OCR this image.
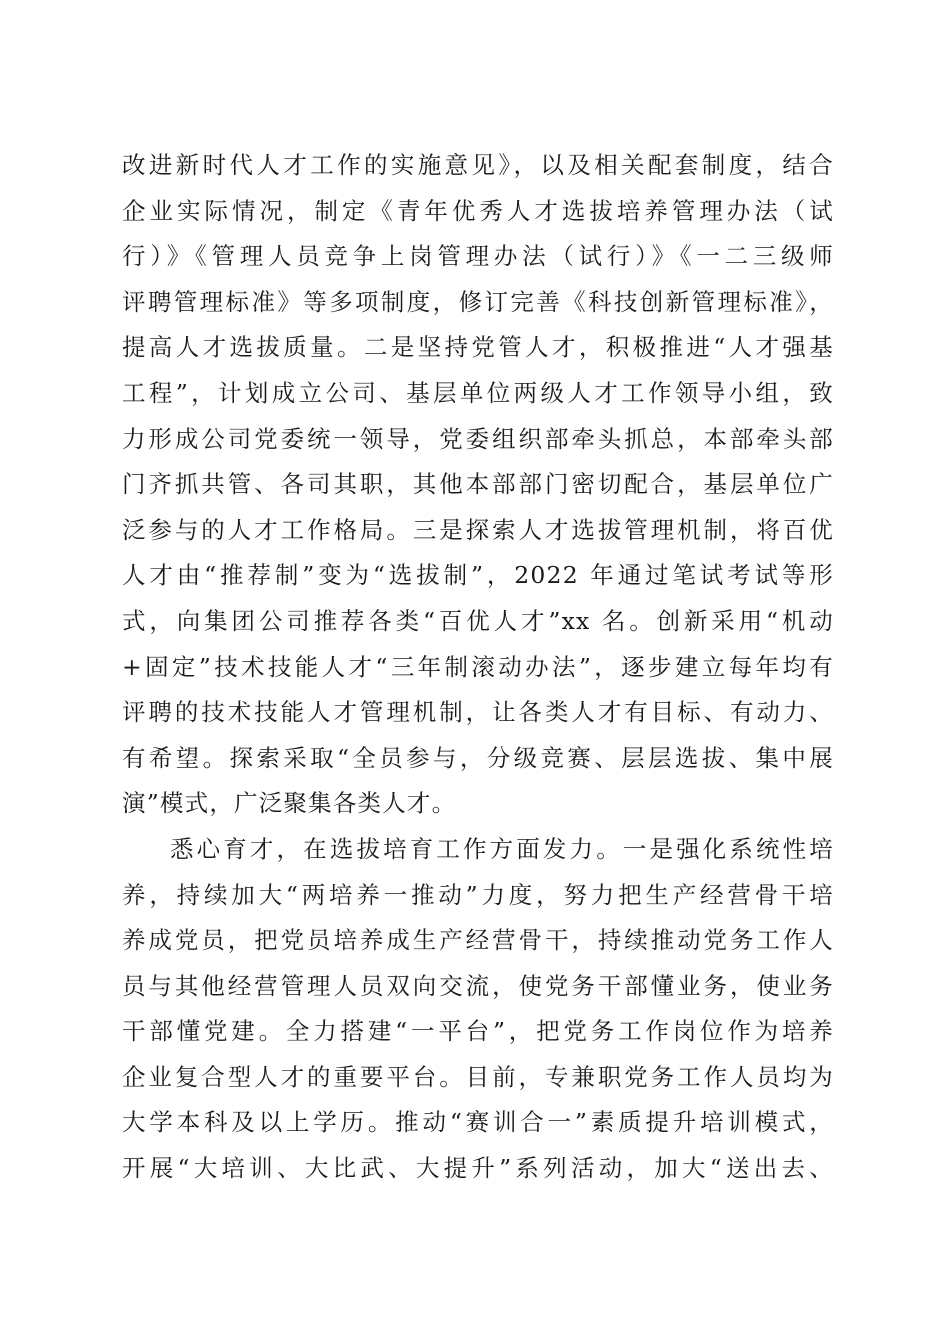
改进新时代人才工作的实施意见》，以及相关配套制度，结合
企业实际情况，制定《青年优秀人才选拔培养管理办法（试
行）》《管理人员竞争上岗管理办法（试行）》《一二三级师
评聘管理标准》等多项制度，修订完善《科技创新管理标准》，
提高人才选拔质量。二是坚持党管人才，积极推进“人才强基
工程”，计划成立公司、基层单位两级人才工作领导小组，致
力形成公司党委统一领导，党委组织部牵头抓总，本部牵头部
门齐抓共管、各司其职，其他本部部门密切配合，基层单位广
泛参与的人才工作格局。三是探索人才选拔管理机制，将百优
人才由“推荐制”变为“选拔制”，2022 年通过笔试考试等形
式，向集团公司推荐各类“百优人才”xx 名。创新采用“机动
+固定”技术技能人才“三年制滚动办法”，逐步建立每年均有
评聘的技术技能人才管理机制，让各类人才有目标、有动力、
有希望。探索采取“全员参与，分级竞赛、层层选拔、集中展
演”模式，广泛聚集各类人才。
悉心育才，在选拔培育工作方面发力。一是强化系统性培
养，持续加大“两培养一推动”力度，努力把生产经营骨干培
养成党员，把党员培养成生产经营骨干，持续推动党务工作人
员与其他经营管理人员双向交流，使党务干部懂业务，使业务
干部懂党建。全力搭建“一平台”，把党务工作岗位作为培养
企业复合型人才的重要平台。目前，专兼职党务工作人员均为
大学本科及以上学历。推动“赛训合一”素质提升培训模式，
开展“大培训、大比武、大提升”系列活动，加大“送出去、
